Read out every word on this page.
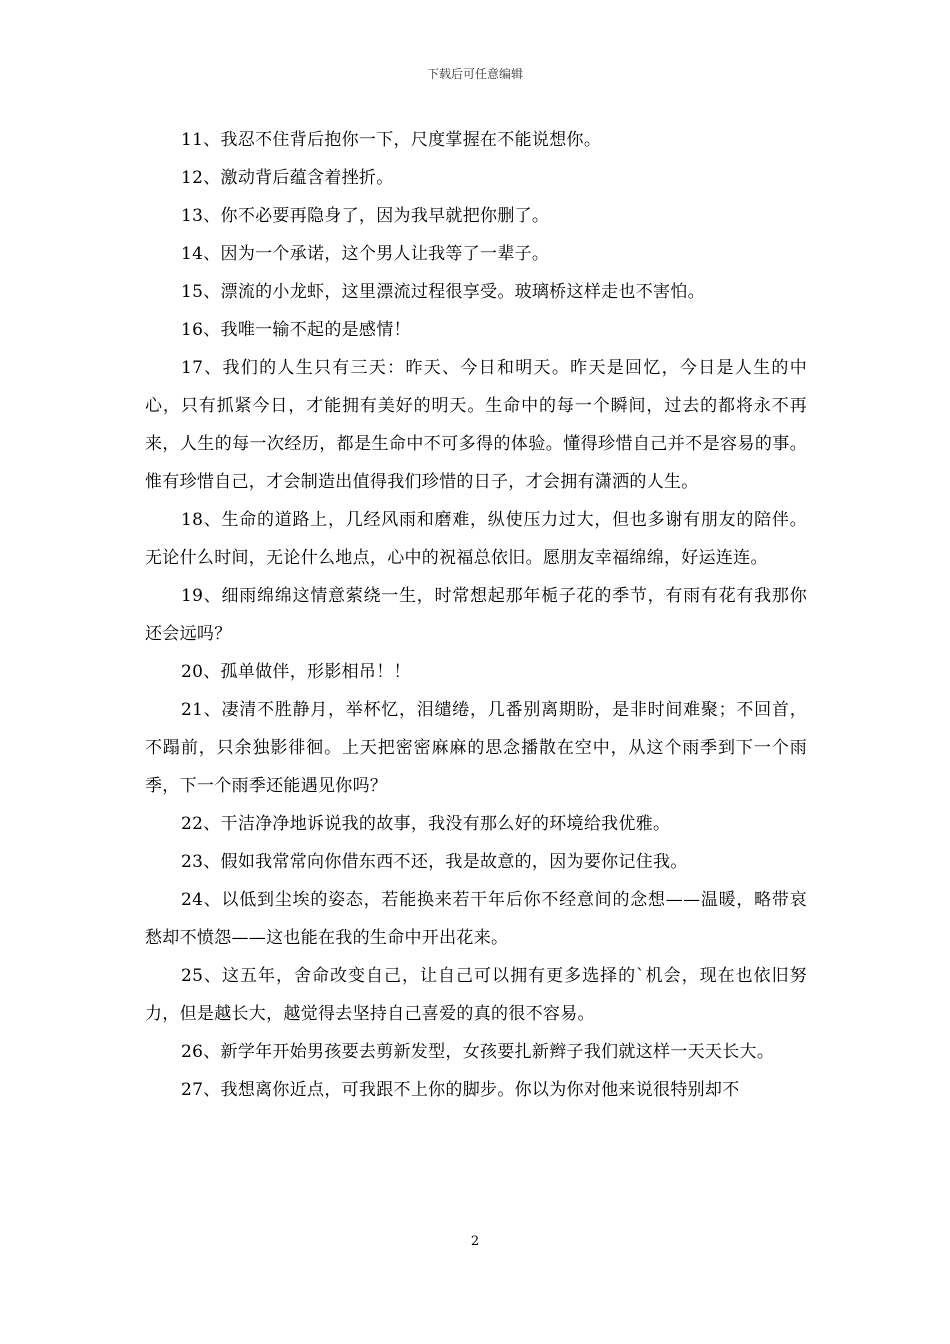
下载后可任意编辑

11、我忍不住背后抱你一下，尺度掌握在不能说想你。

12、激动背后蕴含着挫折。

13、你不必要再隐身了，因为我早就把你删了。

14、因为一个承诺，这个男人让我等了一辈子。

15、漂流的小龙虾，这里漂流过程很享受。玻璃桥这样走也不害怕。

16、我唯一输不起的是感情！

17、我们的人生只有三天：昨天、今日和明天。昨天是回忆，今日是人生的中心，只有抓紧今日，才能拥有美好的明天。生命中的每一个瞬间，过去的都将永不再来，人生的每一次经历，都是生命中不可多得的体验。懂得珍惜自己并不是容易的事。惟有珍惜自己，才会制造出值得我们珍惜的日子，才会拥有潇洒的人生。

18、生命的道路上，几经风雨和磨难，纵使压力过大，但也多谢有朋友的陪伴。无论什么时间，无论什么地点，心中的祝福总依旧。愿朋友幸福绵绵，好运连连。

19、细雨绵绵这情意萦绕一生，时常想起那年栀子花的季节，有雨有花有我那你还会远吗？

20、孤单做伴，形影相吊！！

21、凄清不胜静月，举杯忆，泪缱绻，几番别离期盼，是非时间难聚；不回首，不蹋前，只余独影徘徊。上天把密密麻麻的思念播散在空中，从这个雨季到下一个雨季，下一个雨季还能遇见你吗？

22、干洁净净地诉说我的故事，我没有那么好的环境给我优雅。

23、假如我常常向你借东西不还，我是故意的，因为要你记住我。

24、以低到尘埃的姿态，若能换来若干年后你不经意间的念想——温暖，略带哀愁却不愤怨——这也能在我的生命中开出花来。

25、这五年，舍命改变自己，让自己可以拥有更多选择的`机会，现在也依旧努力，但是越长大，越觉得去坚持自己喜爱的真的很不容易。

26、新学年开始男孩要去剪新发型，女孩要扎新辫子我们就这样一天天长大。

27、我想离你近点，可我跟不上你的脚步。你以为你对他来说很特别却不

2
